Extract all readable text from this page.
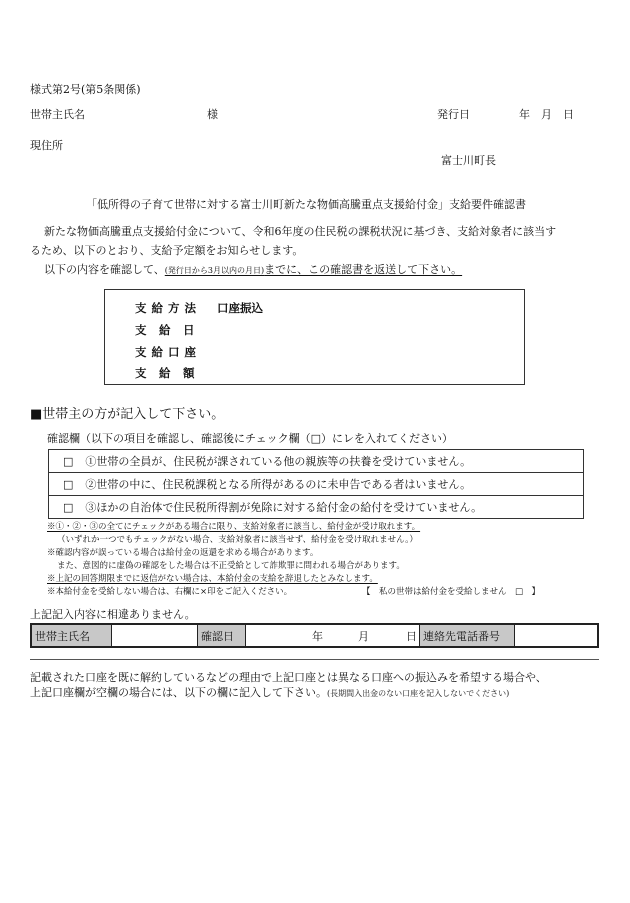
様式第2号(第5条関係)
世帯主氏名	様	発行日	年　月　日
現住所
富士川町長
「低所得の子育て世帯に対する富士川町新たな物価高騰重点支援給付金」支給要件確認書
新たな物価高騰重点支援給付金について、令和6年度の住民税の課税状況に基づき、支給対象者に該当す
るため、以下のとおり、支給予定額をお知らせします。
以下の内容を確認して、(発行日から3月以内の月日)までに、この確認書を返送して下さい。
支 給 方 法 口座振込
支　給　日
支 給 口 座
支　給　額
■世帯主の方が記入して下さい。
確認欄（以下の項目を確認し、確認後にチェック欄（□）にレを入れてください）
□ ①世帯の全員が、住民税が課されている他の親族等の扶養を受けていません。
□ ②世帯の中に、住民税課税となる所得があるのに未申告である者はいません。
□ ③ほかの自治体で住民税所得割が免除に対する給付金の給付を受けていません。
※①・②・③の全てにチェックがある場合に限り、支給対象者に該当し、給付金が受け取れます。
（いずれか一つでもチェックがない場合、支給対象者に該当せず、給付金を受け取れません。）
※確認内容が誤っている場合は給付金の返還を求める場合があります。
また、意図的に虚偽の確認をした場合は不正受給として詐欺罪に問われる場合があります。
※上記の回答期限までに返信がない場合は、本給付金の支給を辞退したとみなします。
※本給付金を受給しない場合は、右欄に×印をご記入ください。	【　私の世帯は給付金を受給しません　□　】
上記記入内容に相違ありません。
世帯主氏名	確認日	年	月	日 連絡先電話番号
記載された口座を既に解約しているなどの理由で上記口座とは異なる口座への振込みを希望する場合や、
上記口座欄が空欄の場合には、以下の欄に記入して下さい。(長期間入出金のない口座を記入しないでください)
